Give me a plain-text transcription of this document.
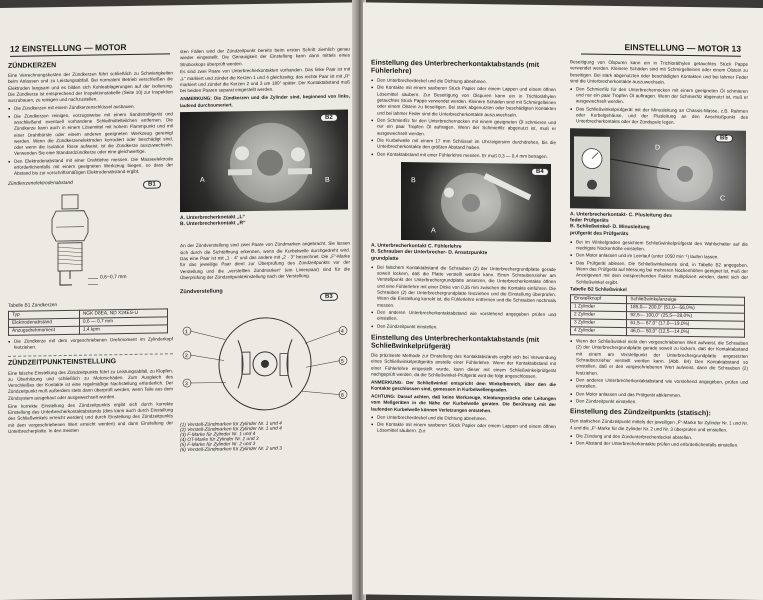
12 EINSTELLUNG — MOTOR
ZÜNDKERZEN
Eine Verrechnungskosten der Zündkerzen führt schließlich zu Schwierigkeiten beim Anlassen und zu Leistungsabfall. Bei normalem Betrieb verschleißen die Elektroden langsam und es bilden sich Kohleablagerungen auf der Isolierung. Die Zündkerze ist entsprechend der Inspektionstabelle (Seite 10) zur Inspektion auszubauen, zu reinigen und nachzustellen.
● Die Zündkerzen mit einem Zündkerzenschlüssel ausbauen.
● Die Zündkerzen reinigen, vorzugsweise mit einem Sandstrahlgerät und anschließend eventuell vorhandene Schleifmittelteilchen entfernen. Die Zündkerze kann auch in einem Lösemittel mit hohem Flammpunkt und mit einer Drahtbürste oder einem anderen geeigneten Werkzeug gereinigt werden. Wenn die Zündkerzenelektroden korrodiert oder beschädigt sind, oder wenn die Isolation Risse aufweist, ist die Zündkerze auszuwechseln. Verwenden Sie eine Standardzündkerze oder eine gleichwertige.
● Den Elektrodenabstand mit einer Drahtlehre messen. Die Masseelektrode erforderlichenfalls mit einem geeigneten Werkzeug biegen, so dass der Abstand bis zur vorschriftsmäßigen Elektrodenabstand ergibt.
Zündkerzenelektrodenabstand	B1
0,6~0,7 mm
Tabelle B1 Zündkerzen
Typ	NGK D8EA, ND X24ES-U
Elektrodenabstand	0,6 — 0,7 mm
Anzugsdrehmoment	1,4 kpm
● Die Zündkerze mit dem vorgeschriebenen Drehmoment im Zylinderkopf festziehen.
ZÜNDZEITPUNKTEINSTELLUNG
Eine falsche Einstellung des Zündzeitpunkts führt zu Leistungsabfall, zu Klopfen, zu Überhitzung und schließlich zu Motorschäden. Zum Ausgleich des Verschleißes der Kontakte ist eine regelmäßige Nachstellung erforderlich. Der Zündzeitpunkt muß außerdem stets dann überprüft werden, wenn Teile aus dem Zündsystem ausgebaut oder ausgewechselt wurden.
Eine korrekte Einstellung des Zündzeitpunkts ergibt sich durch korrekte Einstellung des Unterbrecherkontaktabstands (dies kann auch durch Einstellung des Schließwinkels erreicht werden) und durch Einstellung des Zündzeitpunkts mit dem vorgeschriebenen Wert erreicht werden) und dann Einstellung der Unterbrecherplatte. In den meisten
sten Fällen wird der Zündzeitpunkt bereits beim ersten Schritt ziemlich genau wieder eingestellt. Die Genauigkeit der Einstellung kann dann mittels eines Stroboskops überprüft werden.
Es sind zwei Paare von Unterbrecherkontakten vorhanden. Das linke Paar ist mit „L“ markiert und zündet die Kerzen 1 und 4 gleichzeitig; das rechte Paar ist mit „R“ markiert und zündet die Kerzen 2 und 3 um 180° später. Der Kontaktabstand muß bei beiden Paaren separat eingestellt werden.
ANMERKUNG: Die Zündkerzen und die Zylinder sind, beginnend von links, laufend durchnumeriert.
A	B
B2
A. Unterbrecherkontakt „L“
B. Unterbrecherkontakt „R“
An der Zündverstellung sind zwei Paare von Zündmarken angebracht. Sie lassen sich durch die Sichtöffnung erkennen, wenn die Kurbelwelle durchgedreht wird. Das eine Paar ist mit „1 · 4“ und das andere mit „2 · 3“ bezeichnet. Die „F“-Marke für das jeweilige Paar dient zur Überprüfung des Zündzeitpunkts vor der Verstellung und die „verstellten Zündmarken“ (ein Linienpaar) sind für die Überprüfung der Zündzeitpunkteinstellung nach der Verstellung.
Zündverstellung
B3
1
2
3
4
5
6
(1) Verstell-Zündmarken für Zylinder Nr. 1 und 4
(2) Verstell-Zündmarken für Zylinder Nr. 1 und 4
(3) F-Marke für Zylinder Nr. 1 und 4
(4) OT-Marke für Zylinder Nr. 2 und 3
(5) F-Marke für Zylinder Nr. 2 und 3
(6) Verstell-Zündmarken für Zylinder Nr. 2 und 3
EINSTELLUNG — MOTOR 13
Einstellung des Unterbrecherkontaktabstands (mit Fühlerlehre)
● Den Unterbrecherdeckel und die Dichtung abnehmen.
● Die Kontakte mit einem sauberen Stück Papier oder einem Lappen und einem öffnen Lösemittel säubern. Zur Beseitigung von Ölspuren kann ein in Trichloräthylen getauchtes Stück Pappe verwendet werden. Kleinere Schäden sind mit Schmirgelleinen oder einem Ölstein zu beseitigen. Bei stark abgenutzten oder beschädigten Kontakten und bei lahmer Feder sind die Unterbrecherkontakte auszuwechseln.
● Den Schmierfilz für den Unterbrechernocken mit einem geeigneten Öl schmieren und nur ein paar Tropfen Öl auftragen. Wenn der Schmierfilz abgenutzt ist, muß er ausgewechselt werden.
● Die Kurbelwelle mit einem 17 mm Schlüssel im Uhrzeigersinn durchdrehen, bis die Unterbrecherkontakte den größten Abstand haben.
● Den Kontaktabstand mit einer Fühlerlehre messen. Er muß 0,3 — 0,4 mm betragen.
B
A
B4
A. Unterbrecherkontakt C. Fühlerlehre
B. Schrauben der Unterbrecher- D. Ansatzpunkte
grundplatte
● Bei falschem Kontaktabstand die Schrauben (2) der Unterbrechergrundplatte gerade soweit lockern, daß die Platte verstellt werden kann. Einen Schraubenzieher am Verstellpunkt der Unterbrechergrundplatte ansetzen, die Unterbrecherkontakte öffnen und eine Fühlerlehre mit einer Dicke von 0,35 mm zwischen die Kontakte einführen. Die Schrauben (2) der Unterbrechergrundplatte festziehen und die Einstellung überprüfen. Wenn die Einstellung korrekt ist, die Fühlerlehre entfernen und die Schrauben nochmals messen.
● Den anderen Unterbrecherkontaktabstand wie vorstehend angegeben prüfen und einstellen.
● Den Zündzeitpunkt einstellen.
Einstellung des Unterbrecherkontaktabstands (mit Schließwinkelprüfgerät)
Die präziseste Methode zur Einstellung des Kontaktabstands ergibt sich bei Verwendung eines Schließwinkelprüfgeräts anstelle einer Fühlerlehre. Wenn der Kontaktabstand mit einer Fühlerlehre eingestellt wurde, kann dieser mit einem Schließwinkelprüfgerät nachgeprüft werden, da die Schließwinkel-Prüfgerät wird die folgt angeschlossen.
ANMERKUNG: Der Schließwinkel entspricht dem Winkelbereich, über den die Kontakte geschlossen sind, gemessen in Kurbelwellengraden.
ACHTUNG: Darauf achten, daß keine Werkzeuge, Kleidungsstücke oder Leitungen vom Meßgeräten in die Nähe der Kurbelwelle geraten. Die Berührung mit der laufenden Kurbelwelle können Verletzungen entstehen.
● Den Unterbrecherdeckel und die Dichtung abnehmen.
● Die Kontakte mit einem sauberen Stück Papier oder einem Lappen und einem öffnen Lösemittel säubern. Zur
Beseitigung von Ölspuren kann ein in Trichloräthylen getauchtes Stück Pappe verwendet werden. Kleinere Schäden sind mit Schmirgelleinen oder einem Ölstein zu beseitigen. Bei stark abgenutzten oder beschädigten Kontakten und bei lahmer Feder sind die Unterbrecherkontakte auszuwechseln.
● Den Schmierfilz für den Unterbrechernocken mit einem geeigneten Öl schmieren und nur ein paar Tropfen Öl auftragen. Wenn der Schmierfilz abgenutzt ist, muß er ausgewechselt werden.
● Das Schließwinkelprüfgerät mit der Minusleitung an Chassis-Masse, z.B. Rahmen oder Kurbelgehäuse, und der Plusleitung an den Anschlußpunkt des Unterbrecherkontakts oder der Zündspule legen.
D
C
B5
A. Unterbrecherkontakt- C. Plusleitung des
feder Prüfgeräts
B. Schließwinkel- D. Minusleitung
prüfgerät des Prüfgeräts
● Bei im Winkelgraden gesichtem Schließwinkelprüfgerät den Wahlschalter auf die niedrigste Nockenhöhe einstellen.
● Den Motor anlassen und im Leerlauf (unter 1050 min⁻¹) laufen lassen.
● Das Prüfgerät ablesen. Die Schließwinkelwerte sind, in Tabelle B2 angegeben. Wenn das Prüfgerät auf Messung bei mehreren Nockenhöhen geeignet ist, muß der Anzeigewert mit dem entsprechenden Faktor multipliziert werden, damit sich der Schließwinkel ergibt.
Tabelle B2 Schließwinkel
Einstellknopf	Schließwinkelanzeige
1 Zylinder	185,0— 200,0° (51,0—56,0%)
2 Zylinder	92,5— 100,0° (25,5—28,0%)
3 Zylinder	61,5— 67,0° (17,0—19,0%)
4 Zylinder	46,0— 50,0° (12,5—14,0%)
● Wenn der Schließwinkel nicht den vorgeschriebenen Wert aufweist, die Schrauben (2) der Unterbrechergrundplatte gerade soweit zu lockern, daß der Kontaktabstand mit einem am Verstellpunkt der Unterbrechergrundplatte angesetzten Schraubenzieher verstellt werden kann. (Abb. B4) Den Kontaktabstand so einstellen, daß er den vorgeschriebenen Wert aufweist, dann die Schrauben (2) festziehen.
● Den anderen Unterbrecherkontaktabstand wie vorstehend angegeben, prüfen und einstellen.
● Den Motor anlassen und das Prüfgerät abklemmen.
● Den Zündzeitpunkt einstellen.
Einstellung des Zündzeitpunkts (statisch):
Den statischen Zündzeitpunkt mittels der jeweiligen „F“-Marke für Zylinder Nr. 1 und Nr. 4 und die „F“-Marke für die Zylinder Nr. 2 und Nr. 3 überprüfen und einstellen.
● Die Zündung und den Zündunterbrecherdeckel abstellen.
● Den Abstand der Unterbrecherkontakte prüfen und erforderlichenfalls einstellen.
